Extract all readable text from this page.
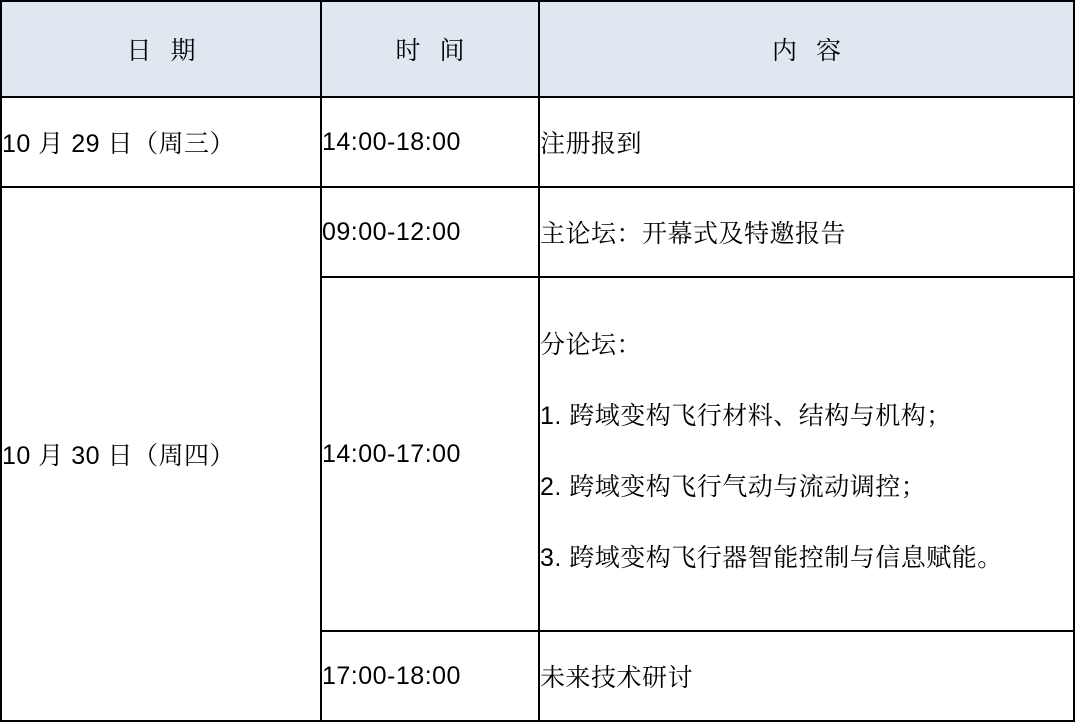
日 期	时 间	内 容
10 月 29 日（周三）	14:00-18:00	注册报到
10 月 30 日（周四）	09:00-12:00	主论坛：开幕式及特邀报告
	14:00-17:00	分论坛：
1. 跨域变构飞行材料、结构与机构；
2. 跨域变构飞行气动与流动调控；
3. 跨域变构飞行器智能控制与信息赋能。

	17:00-18:00	未来技术研讨
